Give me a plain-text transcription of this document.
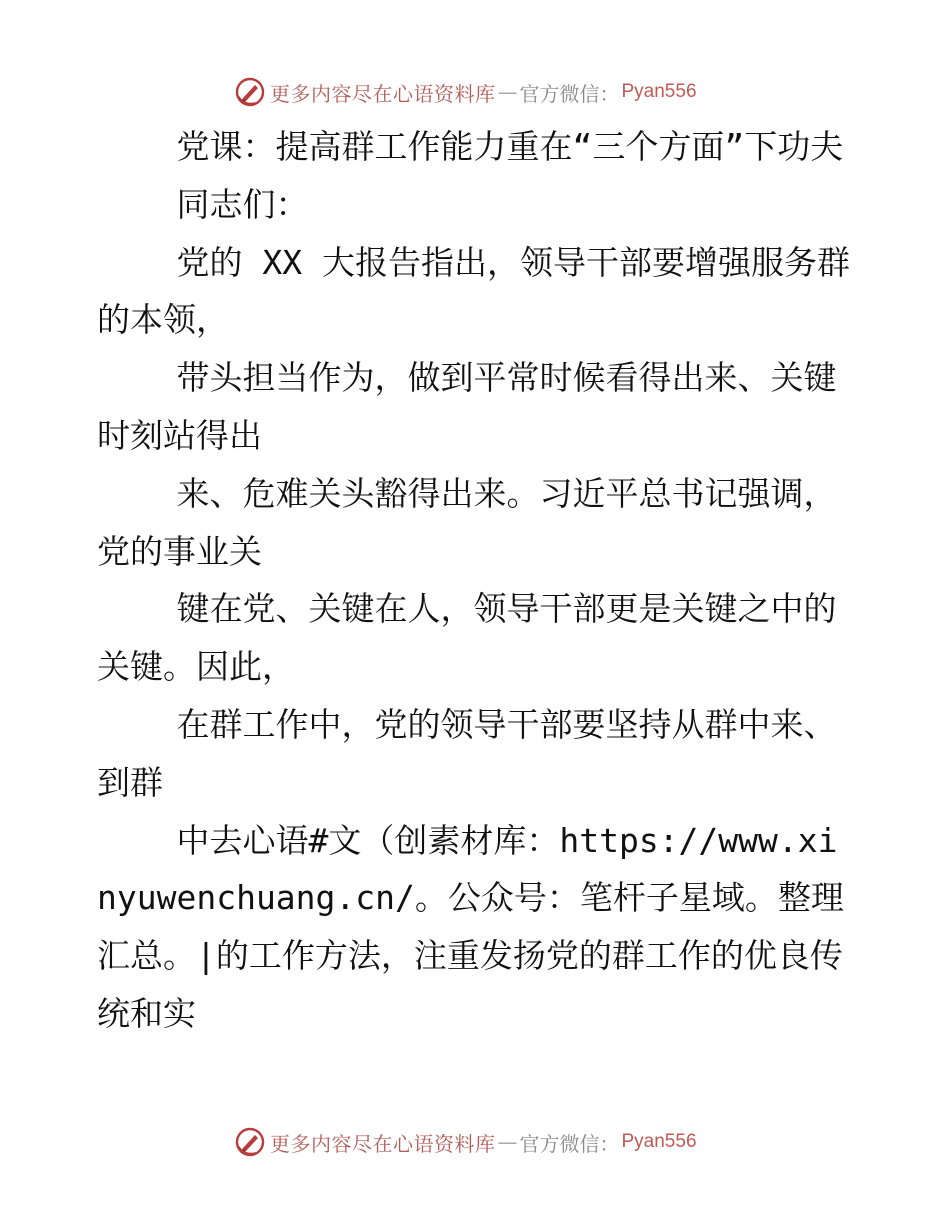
更多内容尽在心语资料库 — 官方微信： Pyan556

党课：提高群工作能力重在“三个方面”下功夫

同志们：

党的 XX 大报告指出，领导干部要增强服务群的本领，

带头担当作为，做到平常时候看得出来、关键时刻站得出

来、危难关头豁得出来。习近平总书记强调，党的事业关

键在党、关键在人，领导干部更是关键之中的关键。因此，

在群工作中，党的领导干部要坚持从群中来、到群

中去心语#文（创素材库：https://www.xinyuwenchuang.cn/。公众号：笔杆子星域。整理汇总。|的工作方法，注重发扬党的群工作的优良传统和实

更多内容尽在心语资料库 — 官方微信： Pyan556
